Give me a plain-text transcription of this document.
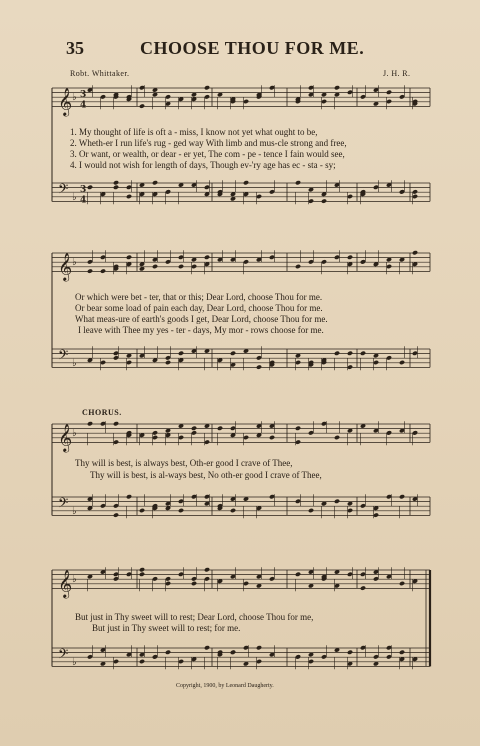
35	CHOOSE THOU FOR ME.
Robt. Whittaker.	J. H. R.
𝄞 ♭ 3
4
𝄢 ♭
3
4
𝄞 ♭
𝄢 ♭
𝄞 ♭
𝄢 ♭
𝄞 ♭
𝄢 ♭
1. My thought of life is oft a - miss, I know not yet what ought to be,
2. Wheth-er I run life's rug - ged way With limb and mus-cle strong and free,
3. Or want, or wealth, or dear - er yet, The com - pe - tence I fain would see,
4. I would not wish for length of days, Though ev-'ry age has ec - sta - sy;
Or which were bet - ter, that or this; Dear Lord, choose Thou for me.
Or bear some load of pain each day, Dear Lord, choose Thou for me.
What meas-ure of earth's goods I get, Dear Lord, choose Thou for me.
I leave with Thee my yes - ter - days, My mor - rows choose for me.
CHORUS.
Thy will is best, is always best, Oth-er good I crave of Thee,
Thy will is best, is al-ways best, No oth-er good I crave of Thee,
But just in Thy sweet will to rest; Dear Lord, choose Thou for me,
But just in Thy sweet will to rest; for me.
Copyright, 1900, by Leonard Daugherty.
